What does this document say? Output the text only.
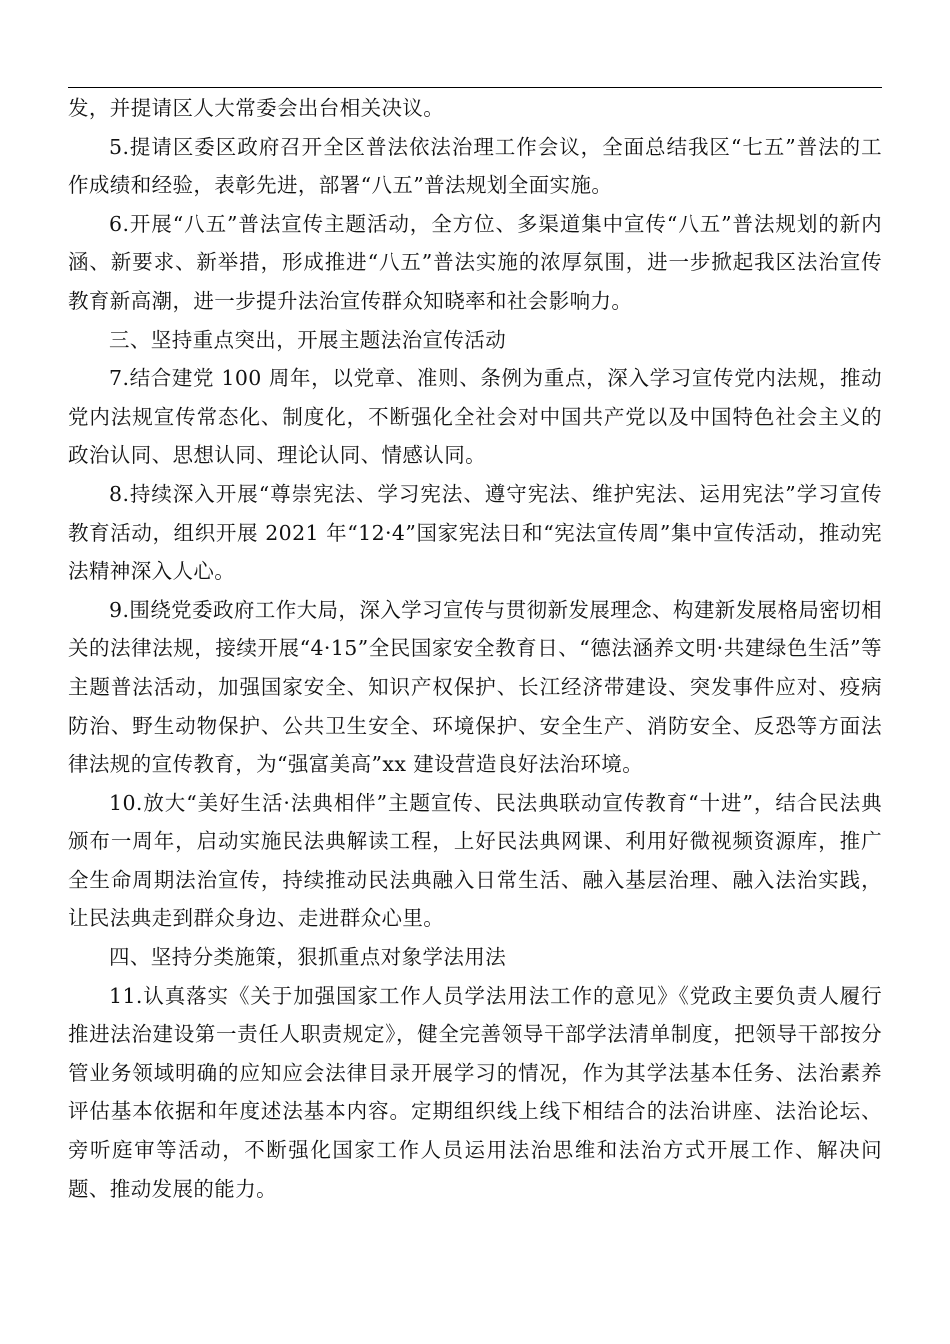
发，并提请区人大常委会出台相关决议。

5.提请区委区政府召开全区普法依法治理工作会议，全面总结我区“七五”普法的工作成绩和经验，表彰先进，部署“八五”普法规划全面实施。

6.开展“八五”普法宣传主题活动，全方位、多渠道集中宣传“八五”普法规划的新内涵、新要求、新举措，形成推进“八五”普法实施的浓厚氛围，进一步掀起我区法治宣传教育新高潮，进一步提升法治宣传群众知晓率和社会影响力。

三、坚持重点突出，开展主题法治宣传活动

7.结合建党 100 周年，以党章、准则、条例为重点，深入学习宣传党内法规，推动党内法规宣传常态化、制度化，不断强化全社会对中国共产党以及中国特色社会主义的政治认同、思想认同、理论认同、情感认同。

8.持续深入开展“尊崇宪法、学习宪法、遵守宪法、维护宪法、运用宪法”学习宣传教育活动，组织开展 2021 年“12·4”国家宪法日和“宪法宣传周”集中宣传活动，推动宪法精神深入人心。

9.围绕党委政府工作大局，深入学习宣传与贯彻新发展理念、构建新发展格局密切相关的法律法规，接续开展“4·15”全民国家安全教育日、“德法涵养文明·共建绿色生活”等主题普法活动，加强国家安全、知识产权保护、长江经济带建设、突发事件应对、疫病防治、野生动物保护、公共卫生安全、环境保护、安全生产、消防安全、反恐等方面法律法规的宣传教育，为“强富美高”xx 建设营造良好法治环境。

10.放大“美好生活·法典相伴”主题宣传、民法典联动宣传教育“十进”，结合民法典颁布一周年，启动实施民法典解读工程，上好民法典网课、利用好微视频资源库，推广全生命周期法治宣传，持续推动民法典融入日常生活、融入基层治理、融入法治实践，让民法典走到群众身边、走进群众心里。

四、坚持分类施策，狠抓重点对象学法用法

11.认真落实《关于加强国家工作人员学法用法工作的意见》《党政主要负责人履行推进法治建设第一责任人职责规定》，健全完善领导干部学法清单制度，把领导干部按分管业务领域明确的应知应会法律目录开展学习的情况，作为其学法基本任务、法治素养评估基本依据和年度述法基本内容。定期组织线上线下相结合的法治讲座、法治论坛、旁听庭审等活动，不断强化国家工作人员运用法治思维和法治方式开展工作、解决问题、推动发展的能力。
